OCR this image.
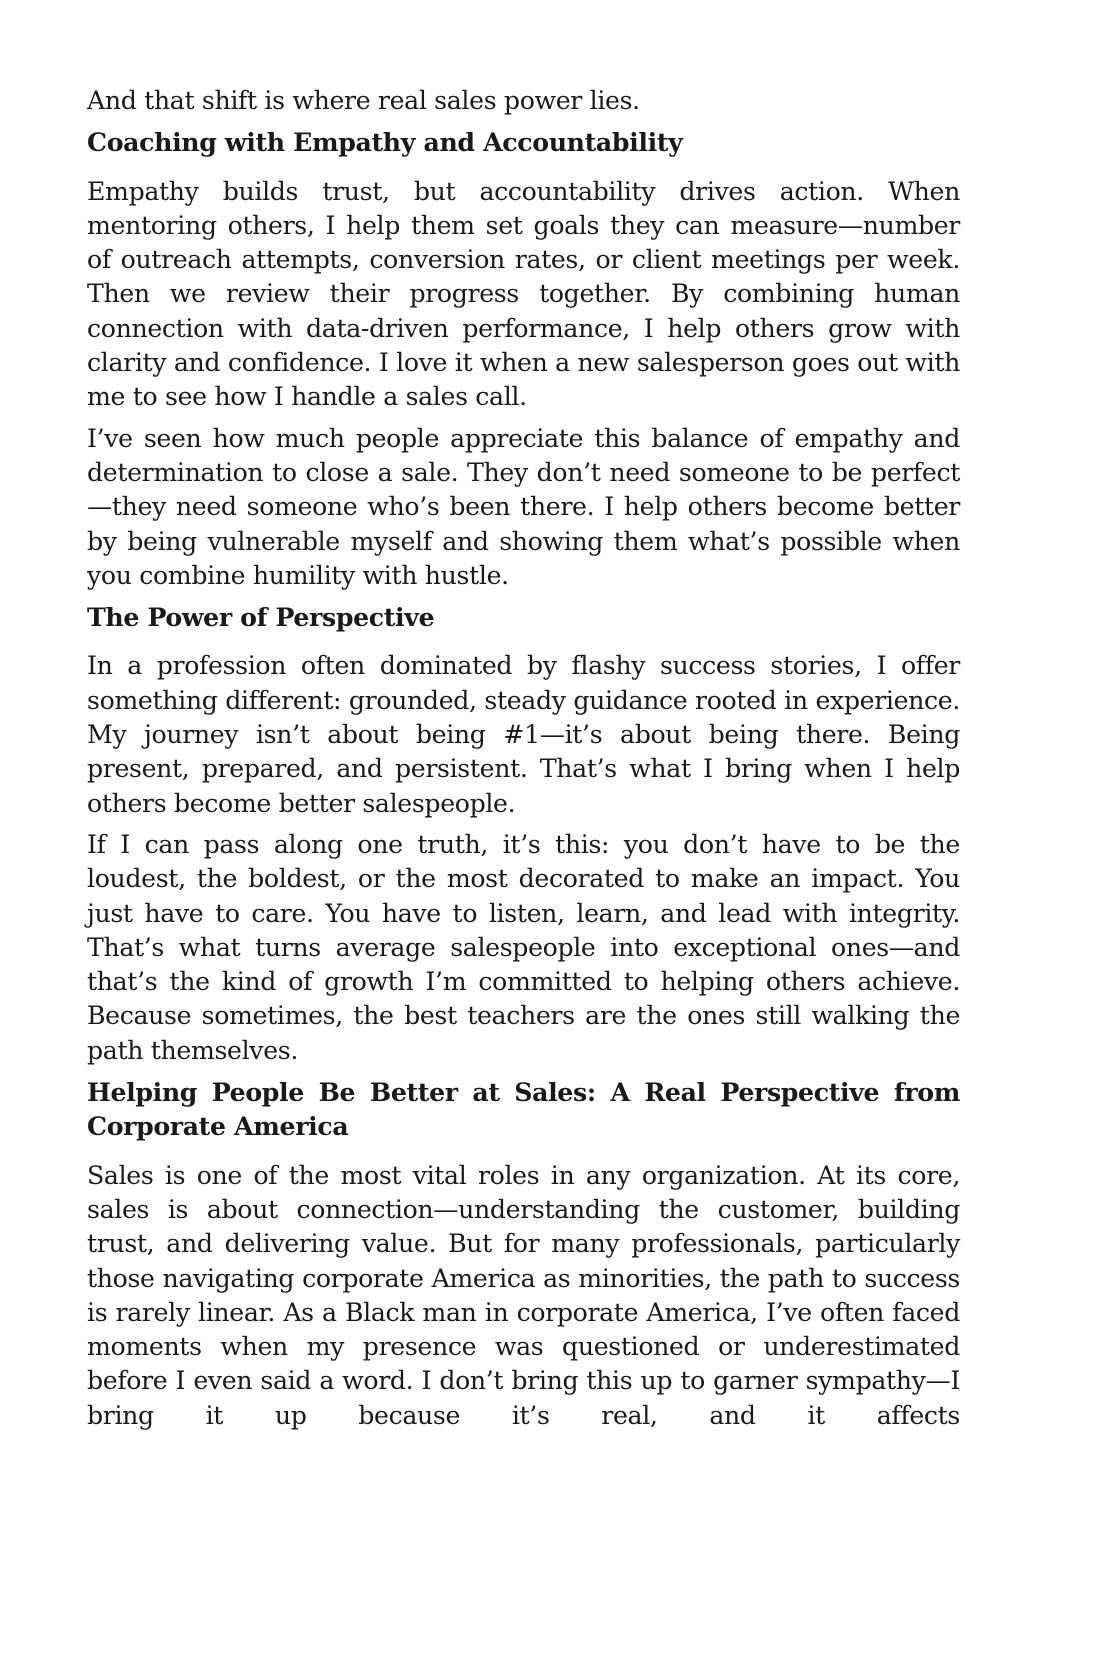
And that shift is where real sales power lies.

Coaching with Empathy and Accountability

Empathy builds trust, but accountability drives action. When mentoring others, I help them set goals they can measure—number of outreach attempts, conversion rates, or client meetings per week. Then we review their progress together. By combining human connection with data-driven performance, I help others grow with clarity and confidence. I love it when a new salesperson goes out with me to see how I handle a sales call.

I’ve seen how much people appreciate this balance of empathy and determination to close a sale. They don’t need someone to be perfect—they need someone who’s been there. I help others become better by being vulnerable myself and showing them what’s possible when you combine humility with hustle.

The Power of Perspective

In a profession often dominated by flashy success stories, I offer something different: grounded, steady guidance rooted in experience. My journey isn’t about being #1—it’s about being there. Being present, prepared, and persistent. That’s what I bring when I help others become better salespeople.

If I can pass along one truth, it’s this: you don’t have to be the loudest, the boldest, or the most decorated to make an impact. You just have to care. You have to listen, learn, and lead with integrity. That’s what turns average salespeople into exceptional ones—and that’s the kind of growth I’m committed to helping others achieve. Because sometimes, the best teachers are the ones still walking the path themselves.

Helping People Be Better at Sales: A Real Perspective from Corporate America

Sales is one of the most vital roles in any organization. At its core, sales is about connection—understanding the customer, building trust, and delivering value. But for many professionals, particularly those navigating corporate America as minorities, the path to success is rarely linear. As a Black man in corporate America, I’ve often faced moments when my presence was questioned or underestimated before I even said a word. I don’t bring this up to garner sympathy—I bring it up because it’s real, and it affects
